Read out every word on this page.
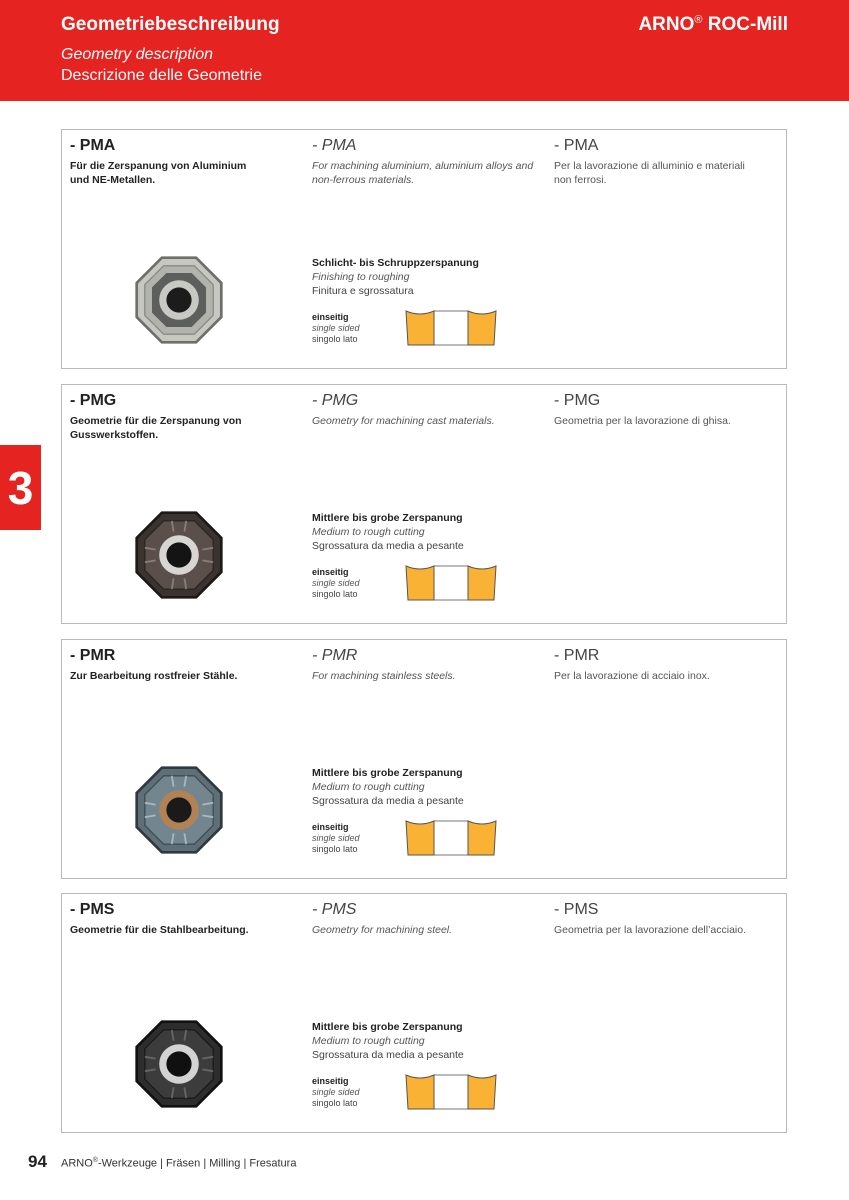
Geometriebeschreibung
Geometry description
Descrizione delle Geometrie
ARNO® ROC-Mill
3
- PMA
Für die Zerspanung von Aluminium und NE-Metallen.
- PMA
For machining aluminium, aluminium alloys and non-ferrous materials.
- PMA
Per la lavorazione di alluminio e materiali non ferrosi.
Schlicht- bis Schruppzerspanung
Finishing to roughing
Finitura e sgrossatura
einseitig
single sided
singolo lato
- PMG
Geometrie für die Zerspanung von Gusswerkstoffen.
- PMG
Geometry for machining cast materials.
- PMG
Geometria per la lavorazione di ghisa.
Mittlere bis grobe Zerspanung
Medium to rough cutting
Sgrossatura da media a pesante
einseitig
single sided
singolo lato
- PMR
Zur Bearbeitung rostfreier Stähle.
- PMR
For machining stainless steels.
- PMR
Per la lavorazione di acciaio inox.
Mittlere bis grobe Zerspanung
Medium to rough cutting
Sgrossatura da media a pesante
einseitig
single sided
singolo lato
- PMS
Geometrie für die Stahlbearbeitung.
- PMS
Geometry for machining steel.
- PMS
Geometria per la lavorazione dell’acciaio.
Mittlere bis grobe Zerspanung
Medium to rough cutting
Sgrossatura da media a pesante
einseitig
single sided
singolo lato
94 ARNO®-Werkzeuge | Fräsen | Milling | Fresatura
